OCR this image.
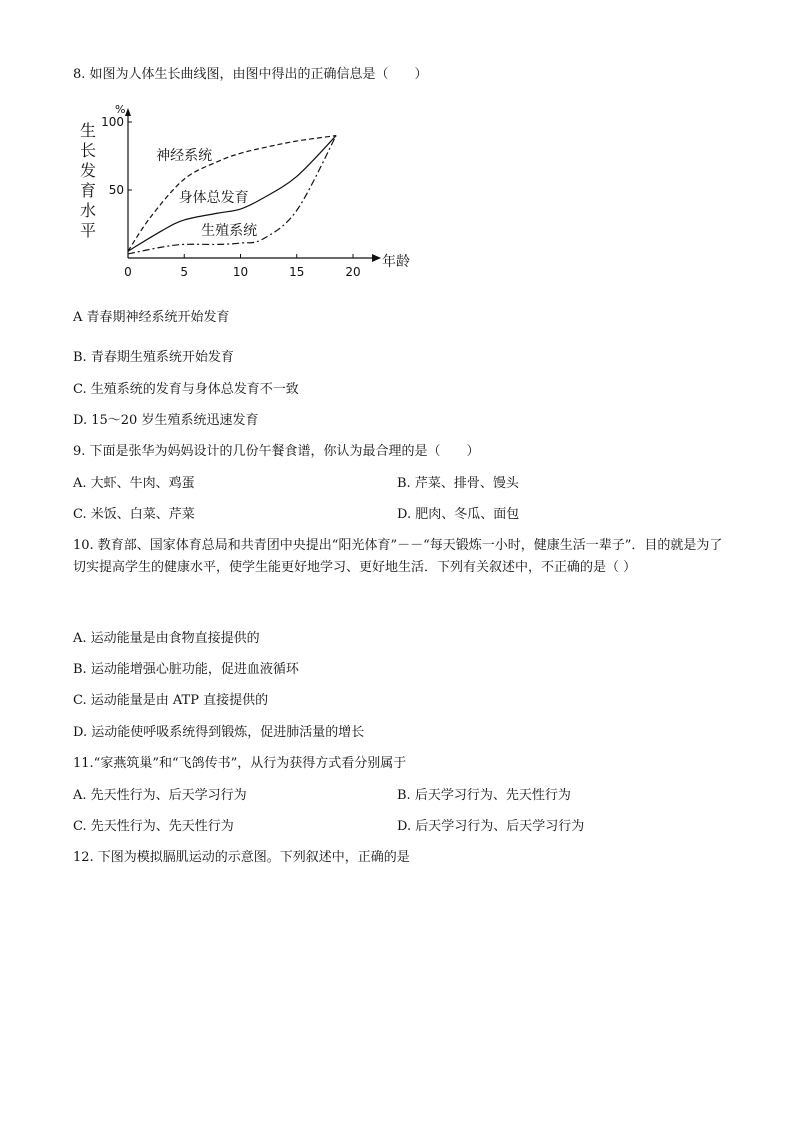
8. 如图为人体生长曲线图，由图中得出的正确信息是（　　）
生
长
发
育
水
平
%
0	5	10	15	20
50
100
神经系统
身体总发育
生殖系统
年龄
A 青春期神经系统开始发育
B. 青春期生殖系统开始发育
C. 生殖系统的发育与身体总发育不一致
D. 15～20 岁生殖系统迅速发育
9. 下面是张华为妈妈设计的几份午餐食谱，你认为最合理的是（　　）
A. 大虾、牛肉、鸡蛋	B. 芹菜、排骨、馒头
C. 米饭、白菜、芹菜	D. 肥肉、冬瓜、面包
10. 教育部、国家体育总局和共青团中央提出“阳光体育”－－“每天锻炼一小时，健康生活一辈子”．目的就是为了切实提高学生的健康水平，使学生能更好地学习、更好地生活．下列有关叙述中，不正确的是（ ）
A. 运动能量是由食物直接提供的
B. 运动能增强心脏功能，促进血液循环
C. 运动能量是由 ATP 直接提供的
D. 运动能使呼吸系统得到锻炼，促进肺活量的增长
11.“家燕筑巢”和“飞鸽传书”，从行为获得方式看分别属于
A. 先天性行为、后天学习行为	B. 后天学习行为、先天性行为
C. 先天性行为、先天性行为	D. 后天学习行为、后天学习行为
12. 下图为模拟膈肌运动的示意图。下列叙述中，正确的是
